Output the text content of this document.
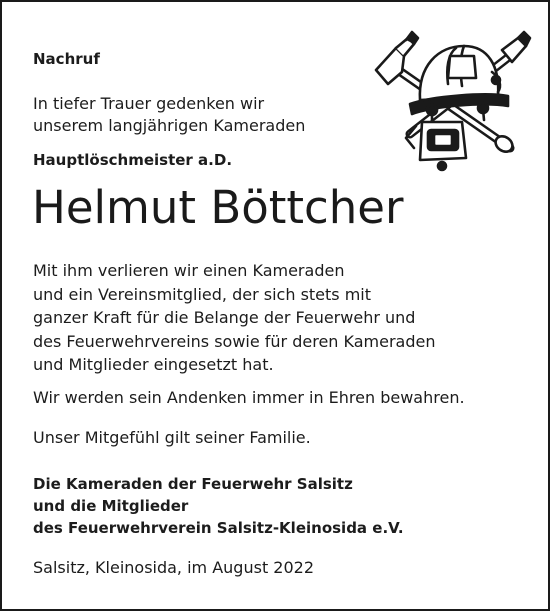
Nachruf
In tiefer Trauer gedenken wir
unserem langjährigen Kameraden
Hauptlöschmeister a.D.
Helmut Böttcher
Mit ihm verlieren wir einen Kameraden
und ein Vereinsmitglied, der sich stets mit
ganzer Kraft für die Belange der Feuerwehr und
des Feuerwehrvereins sowie für deren Kameraden
und Mitglieder eingesetzt hat.
Wir werden sein Andenken immer in Ehren bewahren.
Unser Mitgefühl gilt seiner Familie.
Die Kameraden der Feuerwehr Salsitz
und die Mitglieder
des Feuerwehrverein Salsitz-Kleinosida e.V.
Salsitz, Kleinosida, im August 2022
